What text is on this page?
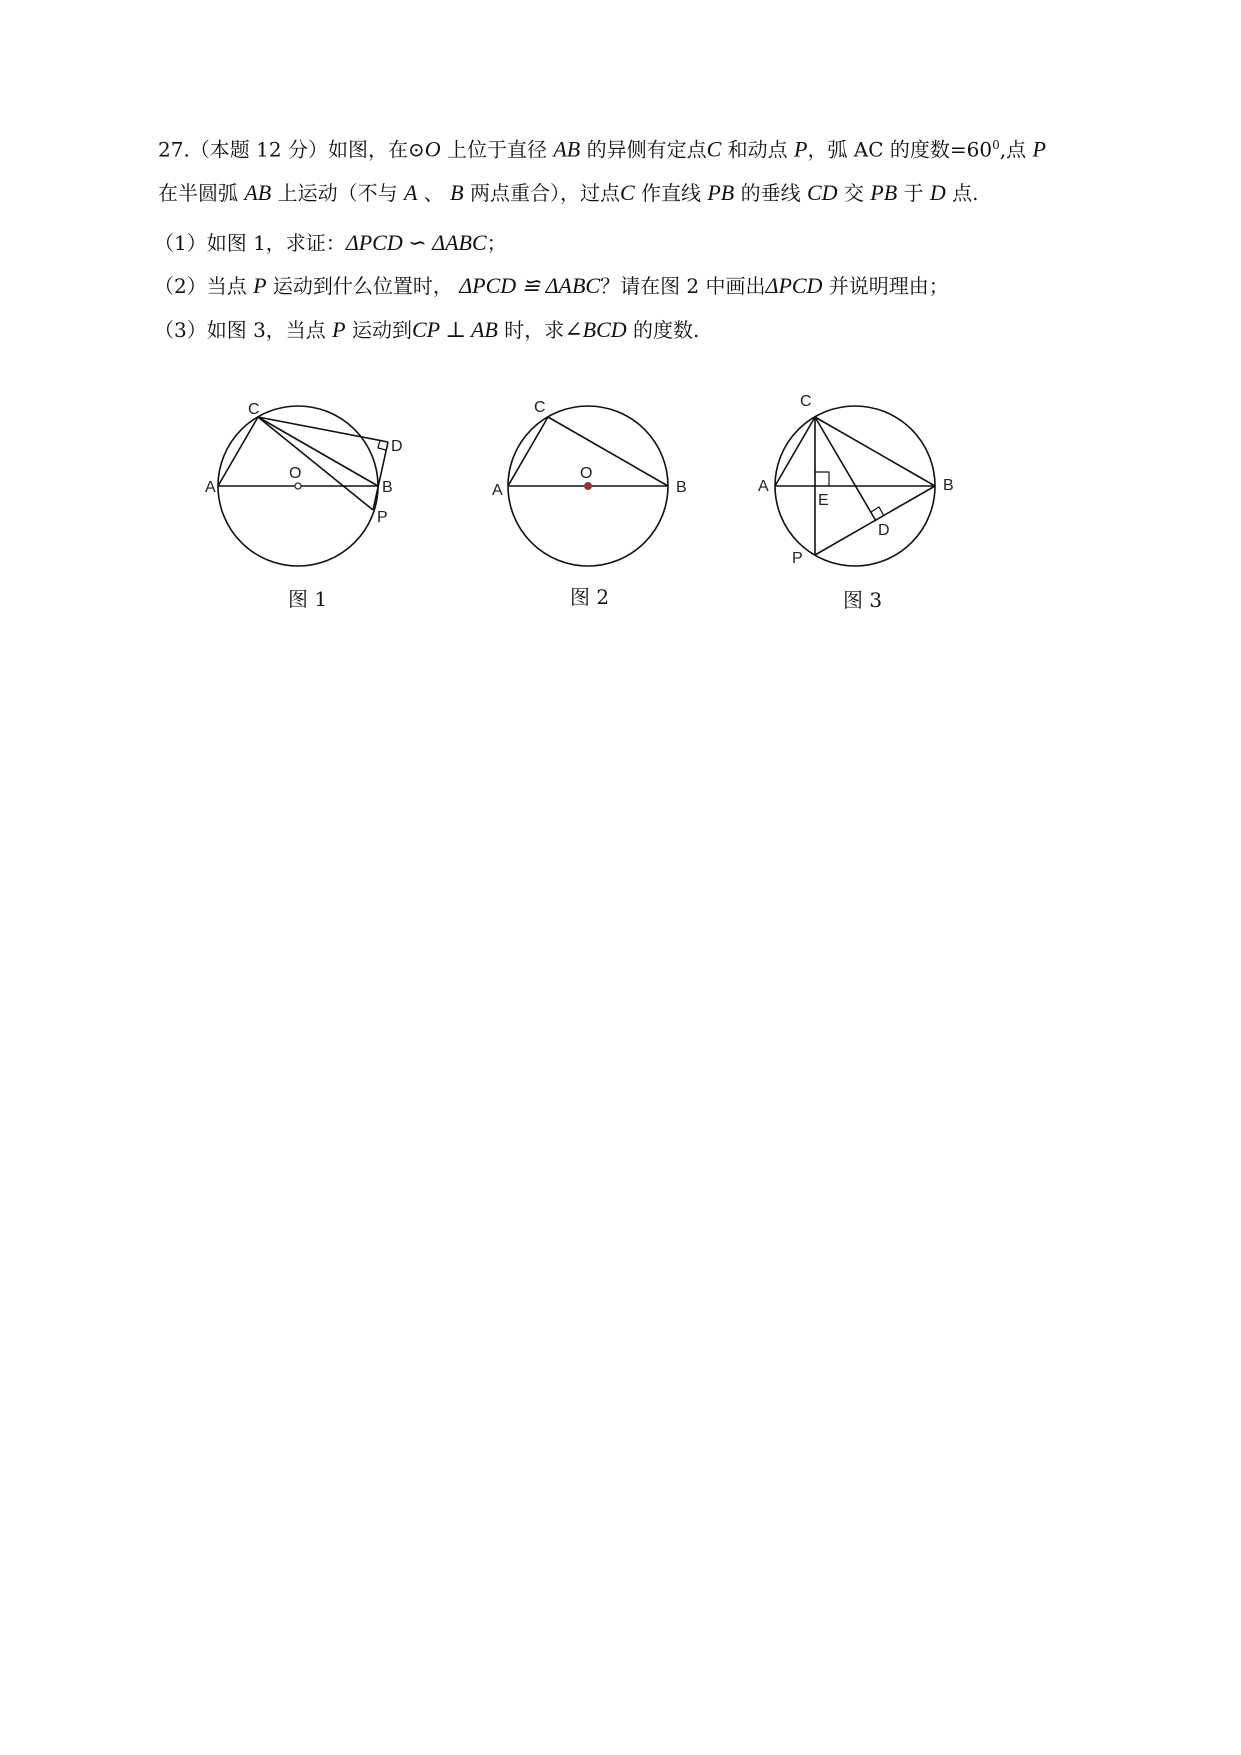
27.（本题 12 分）如图，在⊙O 上位于直径 AB 的异侧有定点C 和动点 P，弧 AC 的度数$=60^0$,点 P
在半圆弧 AB 上运动（不与 A 、 B 两点重合），过点C 作直线 PB 的垂线 CD 交 PB 于 D 点.
（1）如图 1，求证：ΔPCD ∽ ΔABC；
（2）当点 P 运动到什么位置时， ΔPCD ≌ ΔABC？请在图 2 中画出ΔPCD 并说明理由；
（3）如图 3，当点 P 运动到CP ⊥ AB 时，求∠BCD 的度数.
C
D
O
A	B
P
图 1
C
O
A	B
图 2
C
A	B
E
D
P
图 3
